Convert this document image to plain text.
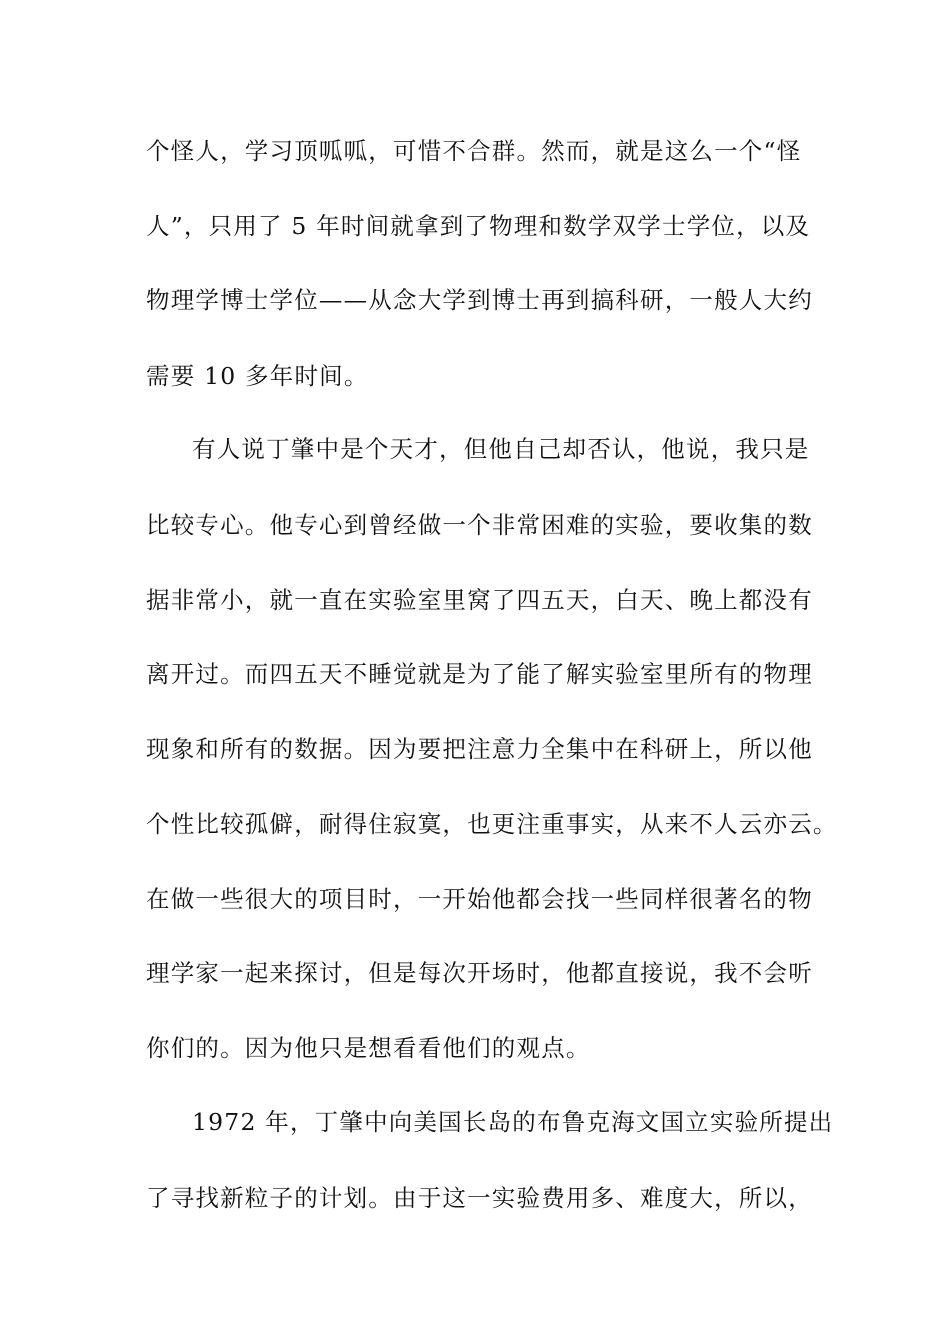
个怪人，学习顶呱呱，可惜不合群。然而，就是这么一个“怪
人”，只用了 5 年时间就拿到了物理和数学双学士学位，以及
物理学博士学位——从念大学到博士再到搞科研，一般人大约
需要 10 多年时间。
有人说丁肇中是个天才，但他自己却否认，他说，我只是
比较专心。他专心到曾经做一个非常困难的实验，要收集的数
据非常小，就一直在实验室里窝了四五天，白天、晚上都没有
离开过。而四五天不睡觉就是为了能了解实验室里所有的物理
现象和所有的数据。因为要把注意力全集中在科研上，所以他
个性比较孤僻，耐得住寂寞，也更注重事实，从来不人云亦云。
在做一些很大的项目时，一开始他都会找一些同样很著名的物
理学家一起来探讨，但是每次开场时，他都直接说，我不会听
你们的。因为他只是想看看他们的观点。
1972 年，丁肇中向美国长岛的布鲁克海文国立实验所提出
了寻找新粒子的计划。由于这一实验费用多、难度大，所以，
